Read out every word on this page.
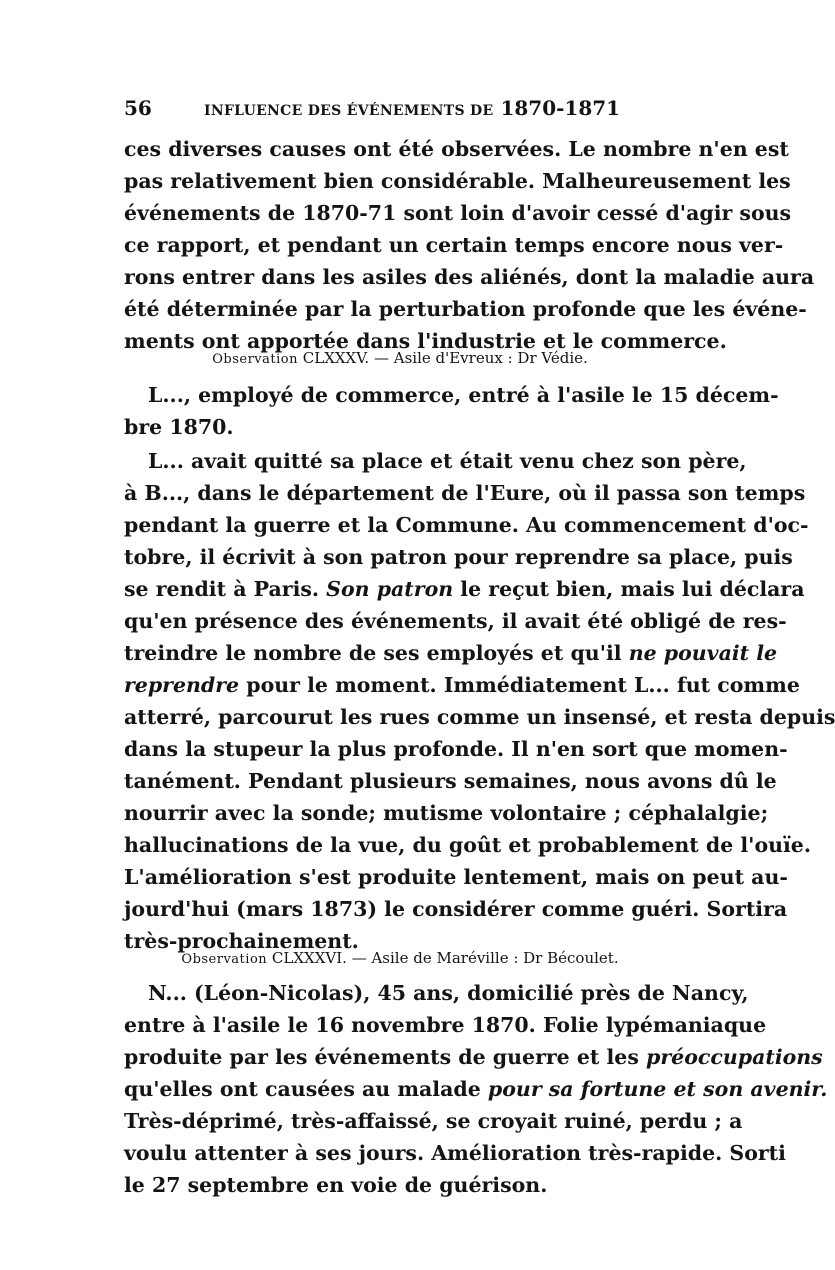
56	INFLUENCE DES ÉVÉNEMENTS DE 1870-1871
ces diverses causes ont été observées. Le nombre n'en est
pas relativement bien considérable. Malheureusement les
événements de 1870-71 sont loin d'avoir cessé d'agir sous
ce rapport, et pendant un certain temps encore nous ver-
rons entrer dans les asiles des aliénés, dont la maladie aura
été déterminée par la perturbation profonde que les événe-
ments ont apportée dans l'industrie et le commerce.
Observation CLXXXV. — Asile d'Evreux : Dr Védie.
L..., employé de commerce, entré à l'asile le 15 décem-
bre 1870.
L... avait quitté sa place et était venu chez son père,
à B..., dans le département de l'Eure, où il passa son temps
pendant la guerre et la Commune. Au commencement d'oc-
tobre, il écrivit à son patron pour reprendre sa place, puis
se rendit à Paris. Son patron le reçut bien, mais lui déclara
qu'en présence des événements, il avait été obligé de res-
treindre le nombre de ses employés et qu'il ne pouvait le
reprendre pour le moment. Immédiatement L... fut comme
atterré, parcourut les rues comme un insensé, et resta depuis
dans la stupeur la plus profonde. Il n'en sort que momen-
tanément. Pendant plusieurs semaines, nous avons dû le
nourrir avec la sonde; mutisme volontaire ; céphalalgie;
hallucinations de la vue, du goût et probablement de l'ouïe.
L'amélioration s'est produite lentement, mais on peut au-
jourd'hui (mars 1873) le considérer comme guéri. Sortira
très-prochainement.
Observation CLXXXVI. — Asile de Maréville : Dr Bécoulet.
N... (Léon-Nicolas), 45 ans, domicilié près de Nancy,
entre à l'asile le 16 novembre 1870. Folie lypémaniaque
produite par les événements de guerre et les préoccupations
qu'elles ont causées au malade pour sa fortune et son avenir.
Très-déprimé, très-affaissé, se croyait ruiné, perdu ; a
voulu attenter à ses jours. Amélioration très-rapide. Sorti
le 27 septembre en voie de guérison.
